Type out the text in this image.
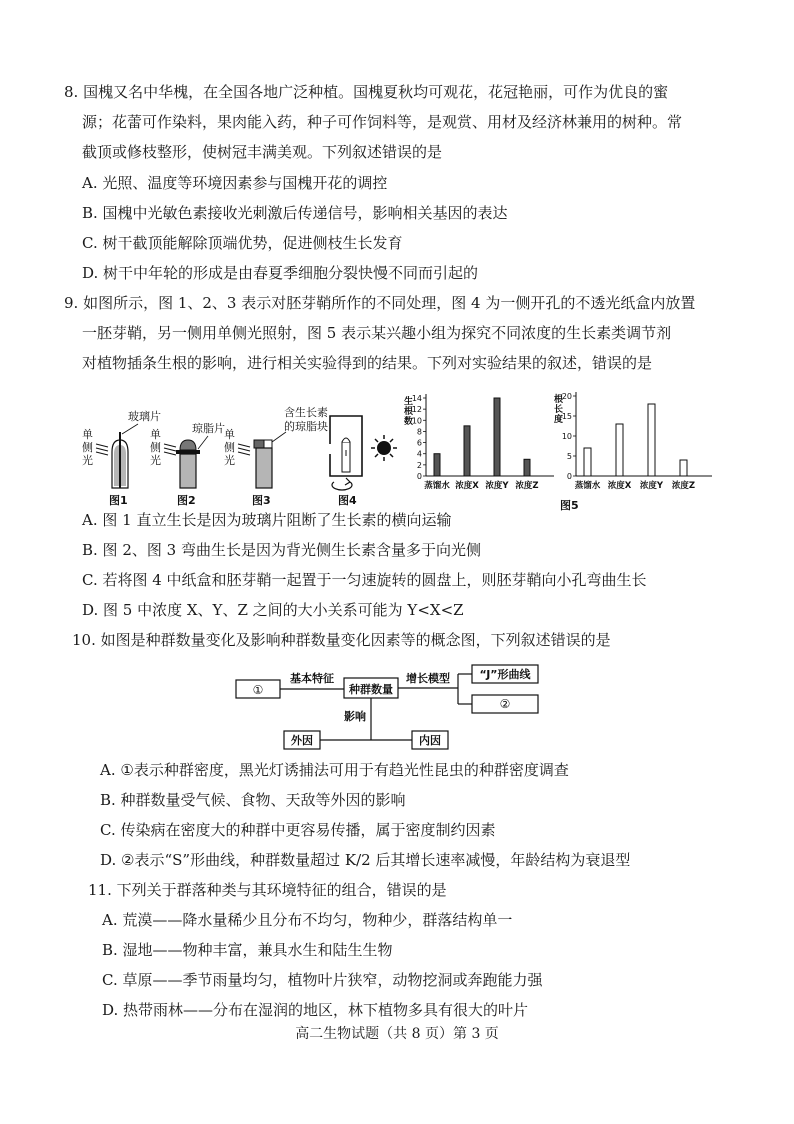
8. 国槐又名中华槐，在全国各地广泛种植。国槐夏秋均可观花，花冠艳丽，可作为优良的蜜
源；花蕾可作染料，果肉能入药，种子可作饲料等，是观赏、用材及经济林兼用的树种。常
截顶或修枝整形，使树冠丰满美观。下列叙述错误的是
A. 光照、温度等环境因素参与国槐开花的调控
B. 国槐中光敏色素接收光刺激后传递信号，影响相关基因的表达
C. 树干截顶能解除顶端优势，促进侧枝生长发育
D. 树干中年轮的形成是由春夏季细胞分裂快慢不同而引起的
9. 如图所示，图 1、2、3 表示对胚芽鞘所作的不同处理，图 4 为一侧开孔的不透光纸盒内放置
一胚芽鞘，另一侧用单侧光照射，图 5 表示某兴趣小组为探究不同浓度的生长素类调节剂
对植物插条生根的影响，进行相关实验得到的结果。下列对实验结果的叙述，错误的是
单
侧
光
玻璃片
图1
单
侧
光
琼脂片
图2
单
侧
光
含生长素
的琼脂块
图3	图4
生
根
数
0
2
4
6
8
10
12
14
蒸馏水 浓度X 浓度Y 浓度Z
根
长
度
0
5
10
15
20
蒸馏水 浓度X 浓度Y 浓度Z
图5
A. 图 1 直立生长是因为玻璃片阻断了生长素的横向运输
B. 图 2、图 3 弯曲生长是因为背光侧生长素含量多于向光侧
C. 若将图 4 中纸盒和胚芽鞘一起置于一匀速旋转的圆盘上，则胚芽鞘向小孔弯曲生长
D. 图 5 中浓度 X、Y、Z 之间的大小关系可能为 Y<X<Z
10. 如图是种群数量变化及影响种群数量变化因素等的概念图，下列叙述错误的是
①
基本特征
种群数量
增长模型	“J”形曲线
②
影响
外因	内因
A. ①表示种群密度，黑光灯诱捕法可用于有趋光性昆虫的种群密度调查
B. 种群数量受气候、食物、天敌等外因的影响
C. 传染病在密度大的种群中更容易传播，属于密度制约因素
D. ②表示“S”形曲线，种群数量超过 K/2 后其增长速率减慢，年龄结构为衰退型
11. 下列关于群落种类与其环境特征的组合，错误的是
A. 荒漠——降水量稀少且分布不均匀，物种少，群落结构单一
B. 湿地——物种丰富，兼具水生和陆生生物
C. 草原——季节雨量均匀，植物叶片狭窄，动物挖洞或奔跑能力强
D. 热带雨林——分布在湿润的地区，林下植物多具有很大的叶片
高二生物试题（共 8 页）第 3 页
